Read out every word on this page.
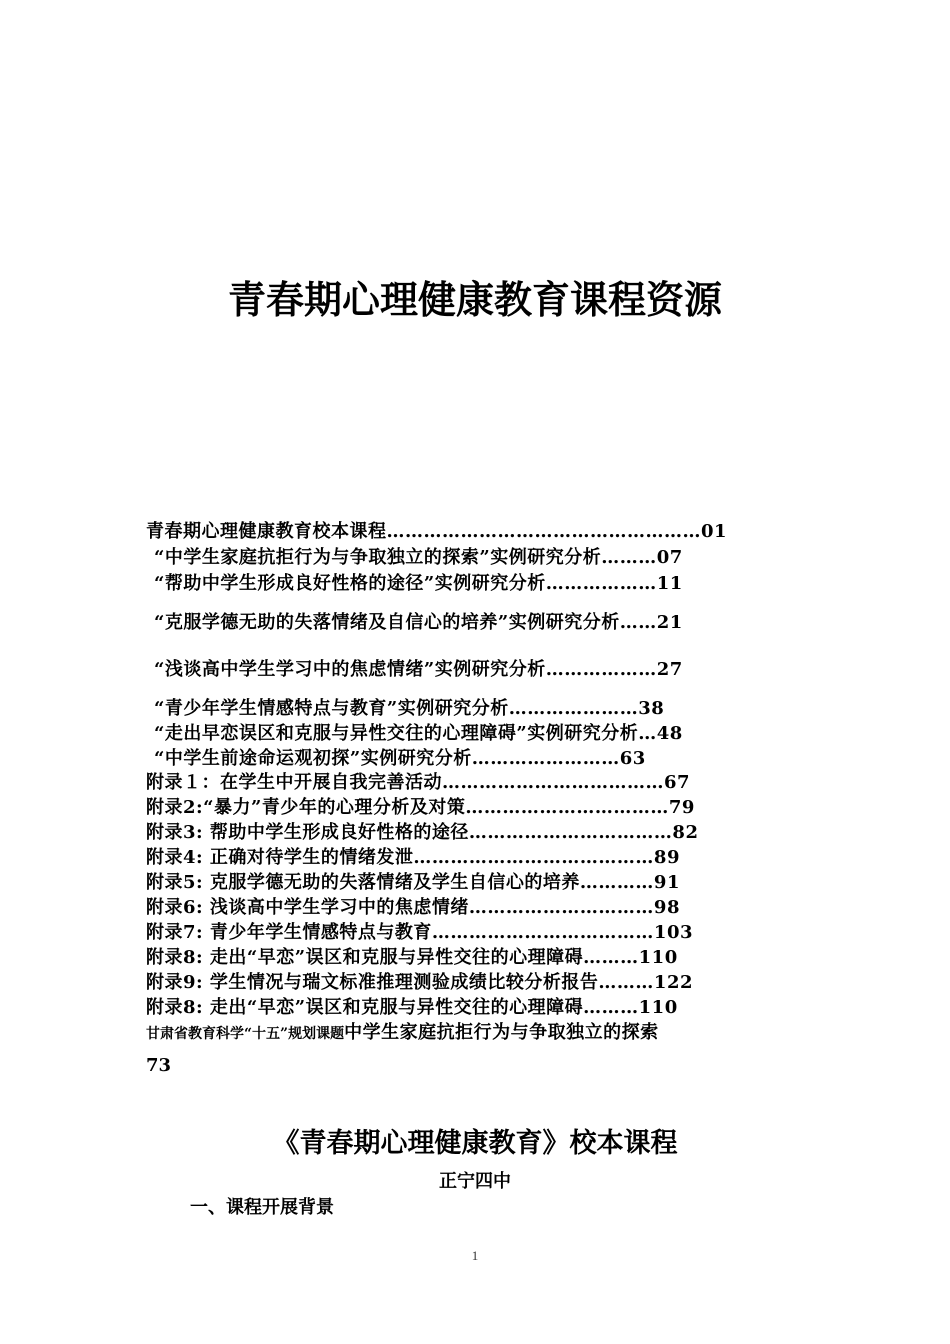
青春期心理健康教育课程资源
青春期心理健康教育校本课程……………………………………………01
“中学生家庭抗拒行为与争取独立的探索”实例研究分析………07
“帮助中学生形成良好性格的途径”实例研究分析………………11
“克服学德无助的失落情绪及自信心的培养”实例研究分析……21
“浅谈高中学生学习中的焦虑情绪”实例研究分析………………27
“青少年学生情感特点与教育”实例研究分析…………………38
“走出早恋误区和克服与异性交往的心理障碍”实例研究分析…48
“中学生前途命运观初探”实例研究分析……………………63
附录１：在学生中开展自我完善活动………………………………67
附录2:“暴力”青少年的心理分析及对策……………………………79
附录3: 帮助中学生形成良好性格的途径……………………………82
附录4: 正确对待学生的情绪发泄…………………………………89
附录5: 克服学德无助的失落情绪及学生自信心的培养…………91
附录6: 浅谈高中学生学习中的焦虑情绪…………………………98
附录7: 青少年学生情感特点与教育………………………………103
附录8: 走出“早恋”误区和克服与异性交往的心理障碍………110
附录9: 学生情况与瑞文标准推理测验成绩比较分析报告………122
附录8: 走出“早恋”误区和克服与异性交往的心理障碍………110
甘肃省教育科学“十五”规划课题中学生家庭抗拒行为与争取独立的探索
73
《青春期心理健康教育》校本课程

正宁四中

一、课程开展背景
1
